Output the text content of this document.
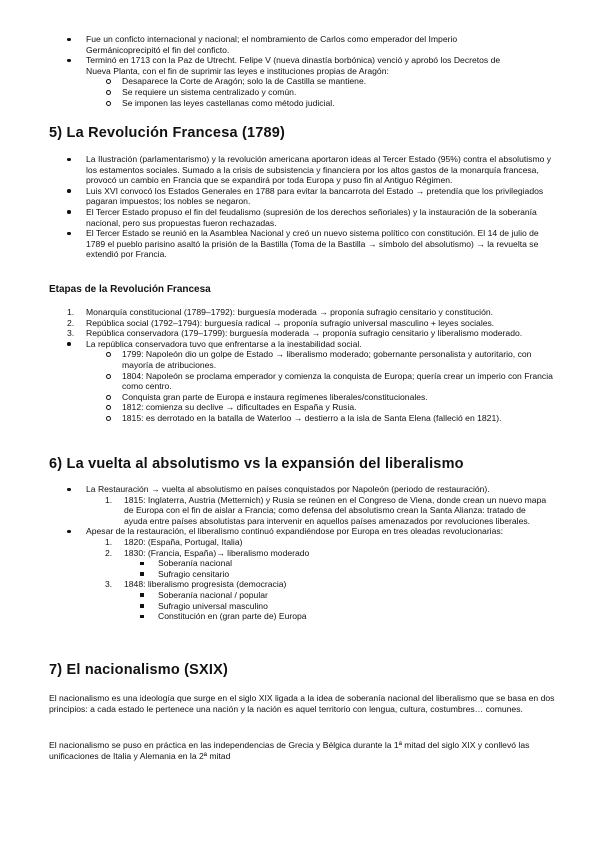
Fue un conficto internacional y nacional; el nombramiento de Carlos como emperador del Imperio Germánicoprecipitó el fin del conficto.
Terminó en 1713 con la Paz de Utrecht. Felipe V (nueva dinastía borbónica) venció y aprobó los Decretos de Nueva Planta, con el fin de suprimir las leyes e instituciones propias de Aragón:
Desaparece la Corte de Aragón; solo la de Castilla se mantiene.
Se requiere un sistema centralizado y común.
Se imponen las leyes castellanas como método judicial.
5) La Revolución Francesa (1789)
La Ilustración (parlamentarismo) y la revolución americana aportaron ideas al Tercer Estado (95%) contra el absolutismo y los estamentos sociales. Sumado a la crisis de subsistencia y financiera por los altos gastos de la monarquía francesa, provocó un cambio en Francia que se expandirá por toda Europa y puso fin al Antiguo Régimen.
Luis XVI convocó los Estados Generales en 1788 para evitar la bancarrota del Estado → pretendía que los privilegiados pagaran impuestos; los nobles se negaron.
El Tercer Estado propuso el fin del feudalismo (supresión de los derechos señoriales) y la instauración de la soberanía nacional, pero sus propuestas fueron rechazadas.
El Tercer Estado se reunió en la Asamblea Nacional y creó un nuevo sistema político con constitución. El 14 de julio de 1789 el pueblo parisino asaltó la prisión de la Bastilla (Toma de la Bastilla → símbolo del absolutismo) → la revuelta se extendió por Francia.
Etapas de la Revolución Francesa
1. Monarquía constitucional (1789–1792): burguesía moderada → proponía sufragio censitario y constitución.
2. República social (1792–1794): burguesía radical → proponía sufragio universal masculino + leyes sociales.
3. República conservadora (179–1799): burguesía moderada → proponía sufragio censitario y liberalismo moderado.
La república conservadora tuvo que enfrentarse a la inestabilidad social.
1799: Napoleón dio un golpe de Estado → liberalismo moderado; gobernante personalista y autoritario, con mayoría de atribuciones.
1804: Napoleón se proclama emperador y comienza la conquista de Europa; quería crear un imperio con Francia como centro.
Conquista gran parte de Europa e instaura regímenes liberales/constitucionales.
1812: comienza su declive → dificultades en España y Rusia.
1815: es derrotado en la batalla de Waterloo → destierro a la isla de Santa Elena (falleció en 1821).
6) La vuelta al absolutismo vs la expansión del liberalismo
La Restauración → vuelta al absolutismo en países conquistados por Napoleón (periodo de restauración).
1. 1815: Inglaterra, Austria (Metternich) y Rusia se reúnen en el Congreso de Viena, donde crean un nuevo mapa de Europa con el fin de aislar a Francia; como defensa del absolutismo crean la Santa Alianza: tratado de ayuda entre países absolutistas para intervenir en aquellos países amenazados por revoluciones liberales.
Apesar de la restauración, el liberalismo continuó expandiéndose por Europa en tres oleadas revolucionarias:
1. 1820: (España, Portugal, Italia)
2. 1830: (Francia, España)→ liberalismo moderado
Soberanía nacional
Sufragio censitario
3. 1848: liberalismo progresista (democracia)
Soberanía nacional / popular
Sufragio universal masculino
Constitución en (gran parte de) Europa
7) El nacionalismo (SXIX)

El nacionalismo es una ideología que surge en el siglo XIX ligada a la idea de soberanía nacional del liberalismo que se basa en dos principios: a cada estado le pertenece una nación y la nación es aquel territorio con lengua, cultura, costumbres… comunes.

El nacionalismo se puso en práctica en las independencias de Grecia y Bélgica durante la 1ª mitad del siglo XIX y conllevó las unificaciones de Italia y Alemania en la 2ª mitad
